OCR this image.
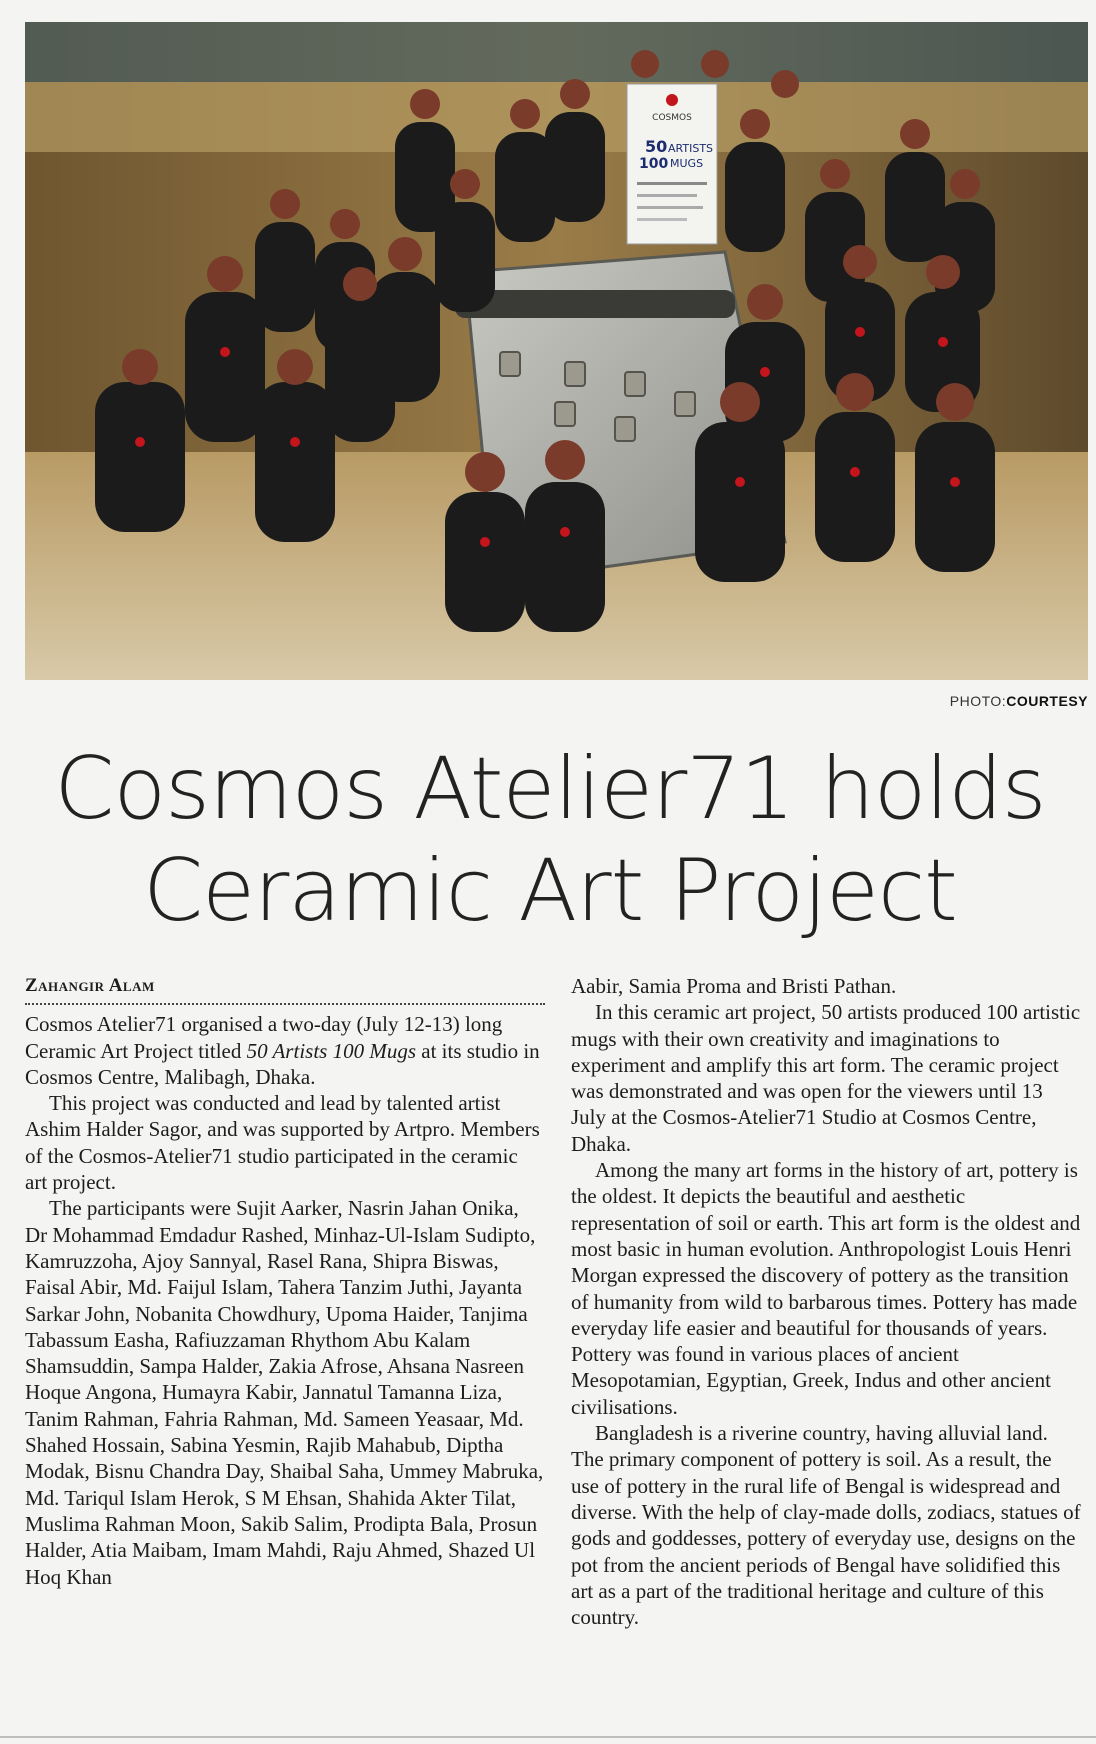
COSMOS
50
100
ARTISTS
MUGS
PHOTO:COURTESY
Cosmos Atelier71 holds
Ceramic Art Project
Zahangir Alam

Cosmos Atelier71 organised a two-day (July 12-13) long Ceramic Art Project titled 50 Artists 100 Mugs at its studio in Cosmos Centre, Malibagh, Dhaka.

This project was conducted and lead by talented artist Ashim Halder Sagor, and was supported by Artpro. Members of the Cosmos-Atelier71 studio participated in the ceramic art project.

The participants were Sujit Aarker, Nasrin Jahan Onika, Dr Mohammad Emdadur Rashed, Minhaz-Ul-Islam Sudipto, Kamruzzoha, Ajoy Sannyal, Rasel Rana, Shipra Biswas, Faisal Abir, Md. Faijul Islam, Tahera Tanzim Juthi, Jayanta Sarkar John, Nobanita Chowdhury, Upoma Haider, Tanjima Tabassum Easha, Rafiuzzaman Rhythom Abu Kalam Shamsuddin, Sampa Halder, Zakia Afrose, Ahsana Nasreen Hoque Angona, Humayra Kabir, Jannatul Tamanna Liza, Tanim Rahman, Fahria Rahman, Md. Sameen Yeasaar, Md. Shahed Hossain, Sabina Yesmin, Rajib Mahabub, Diptha Modak, Bisnu Chandra Day, Shaibal Saha, Ummey Mabruka, Md. Tariqul Islam Herok, S M Ehsan, Shahida Akter Tilat, Muslima Rahman Moon, Sakib Salim, Prodipta Bala, Prosun Halder, Atia Maibam, Imam Mahdi, Raju Ahmed, Shazed Ul Hoq Khan

Aabir, Samia Proma and Bristi Pathan.

In this ceramic art project, 50 artists produced 100 artistic mugs with their own creativity and imaginations to experiment and amplify this art form. The ceramic project was demonstrated and was open for the viewers until 13 July at the Cosmos-Atelier71 Studio at Cosmos Centre, Dhaka.

Among the many art forms in the history of art, pottery is the oldest. It depicts the beautiful and aesthetic representation of soil or earth. This art form is the oldest and most basic in human evolution. Anthropologist Louis Henri Morgan expressed the discovery of pottery as the transition of humanity from wild to barbarous times. Pottery has made everyday life easier and beautiful for thousands of years. Pottery was found in various places of ancient Mesopotamian, Egyptian, Greek, Indus and other ancient civilisations.

Bangladesh is a riverine country, having alluvial land. The primary component of pottery is soil. As a result, the use of pottery in the rural life of Bengal is widespread and diverse. With the help of clay-made dolls, zodiacs, statues of gods and goddesses, pottery of everyday use, designs on the pot from the ancient periods of Bengal have solidified this art as a part of the traditional heritage and culture of this country.
